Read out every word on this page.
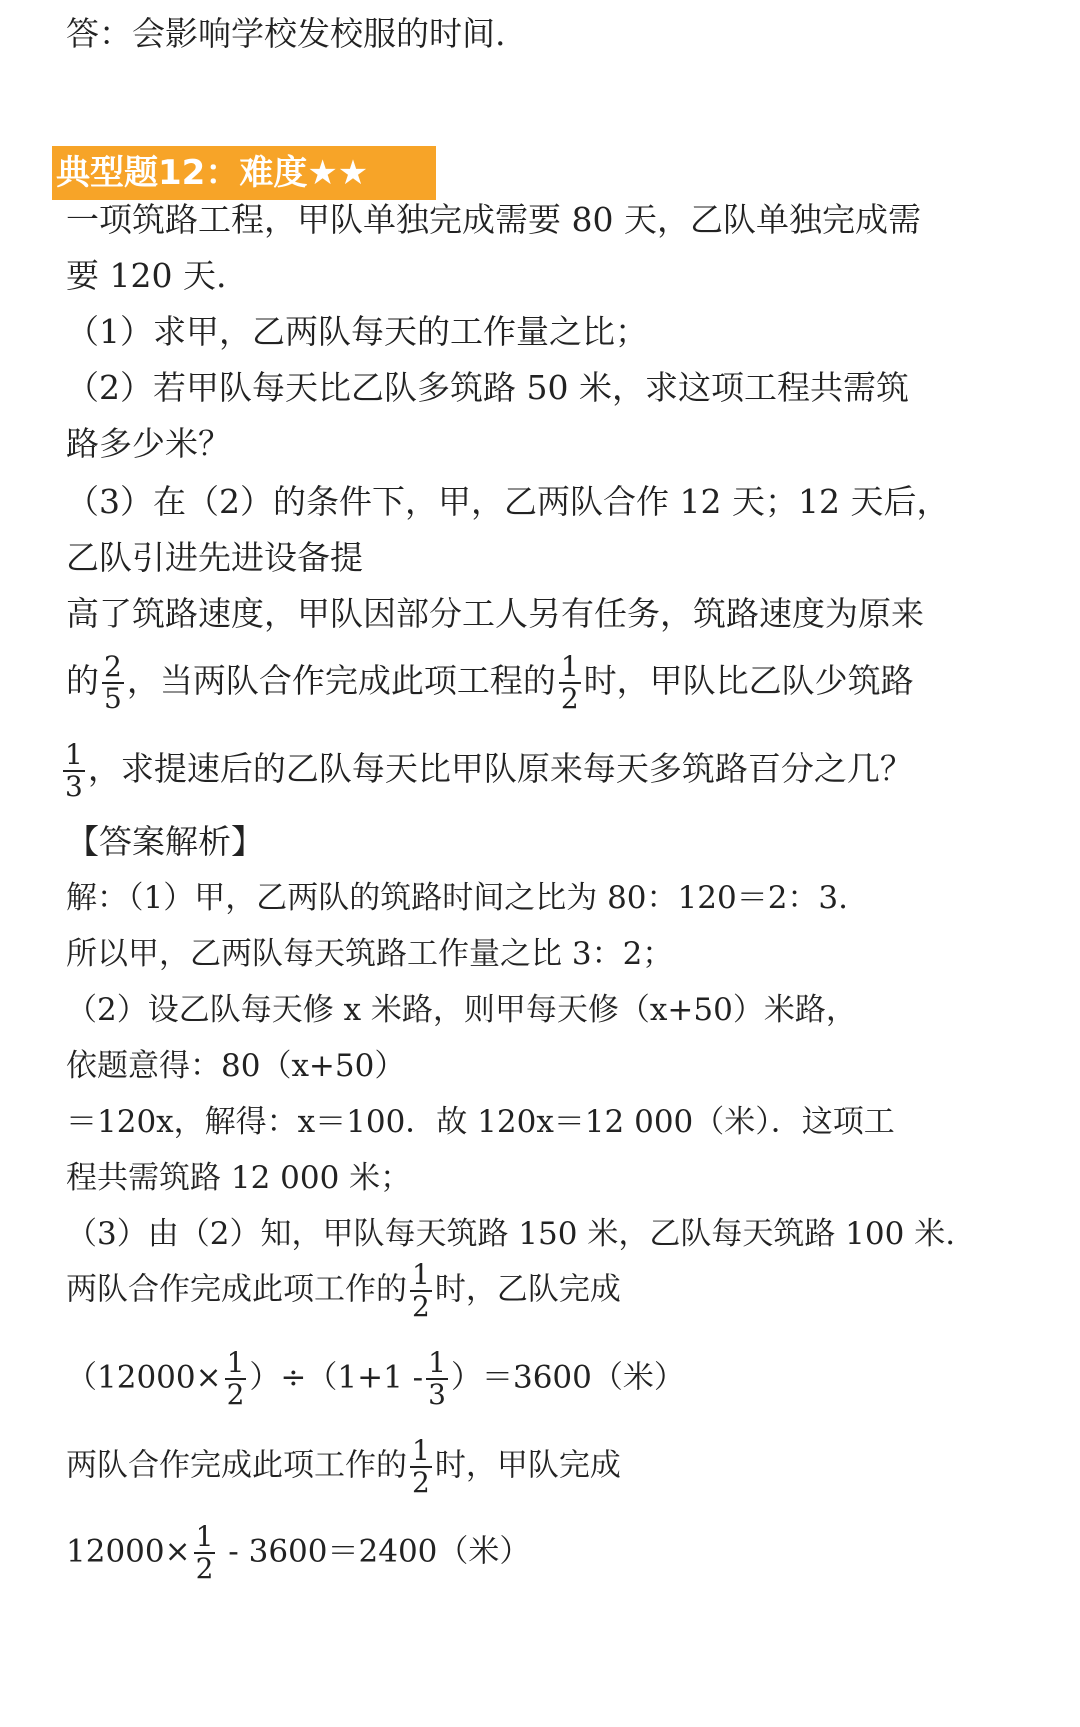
答：会影响学校发校服的时间.
典型题12：难度★★
一项筑路工程，甲队单独完成需要 80 天，乙队单独完成需
要 120 天.
（1）求甲，乙两队每天的工作量之比；
（2）若甲队每天比乙队多筑路 50 米，求这项工程共需筑
路多少米？
（3）在（2）的条件下，甲，乙两队合作 12 天；12 天后，
乙队引进先进设备提
高了筑路速度，甲队因部分工人另有任务，筑路速度为原来
的 $\frac{2}{5}$ ，当两队合作完成此项工程的 $\frac{1}{2}$ 时，甲队比乙队少筑路
$\frac{1}{3}$ ，求提速后的乙队每天比甲队原来每天多筑路百分之几？
【答案解析】
解：（1）甲，乙两队的筑路时间之比为 80：120＝2：3.
所以甲，乙两队每天筑路工作量之比 3：2；
（2）设乙队每天修 x 米路，则甲每天修（x+50）米路，
依题意得：80（x+50）
＝120x，解得：x＝100．故 120x＝12 000（米）．这项工
程共需筑路 12 000 米；
（3）由（2）知，甲队每天筑路 150 米，乙队每天筑路 100 米.
两队合作完成此项工作的 $\frac{1}{2}$ 时，乙队完成
$(12000\times \frac{1}{2} )\div(1+1 - \frac{1}{3} )=3600$（米）
两队合作完成此项工作的 $\frac{1}{2}$ 时，甲队完成
$12000\times \frac{1}{2} - 3600=2400$（米）
